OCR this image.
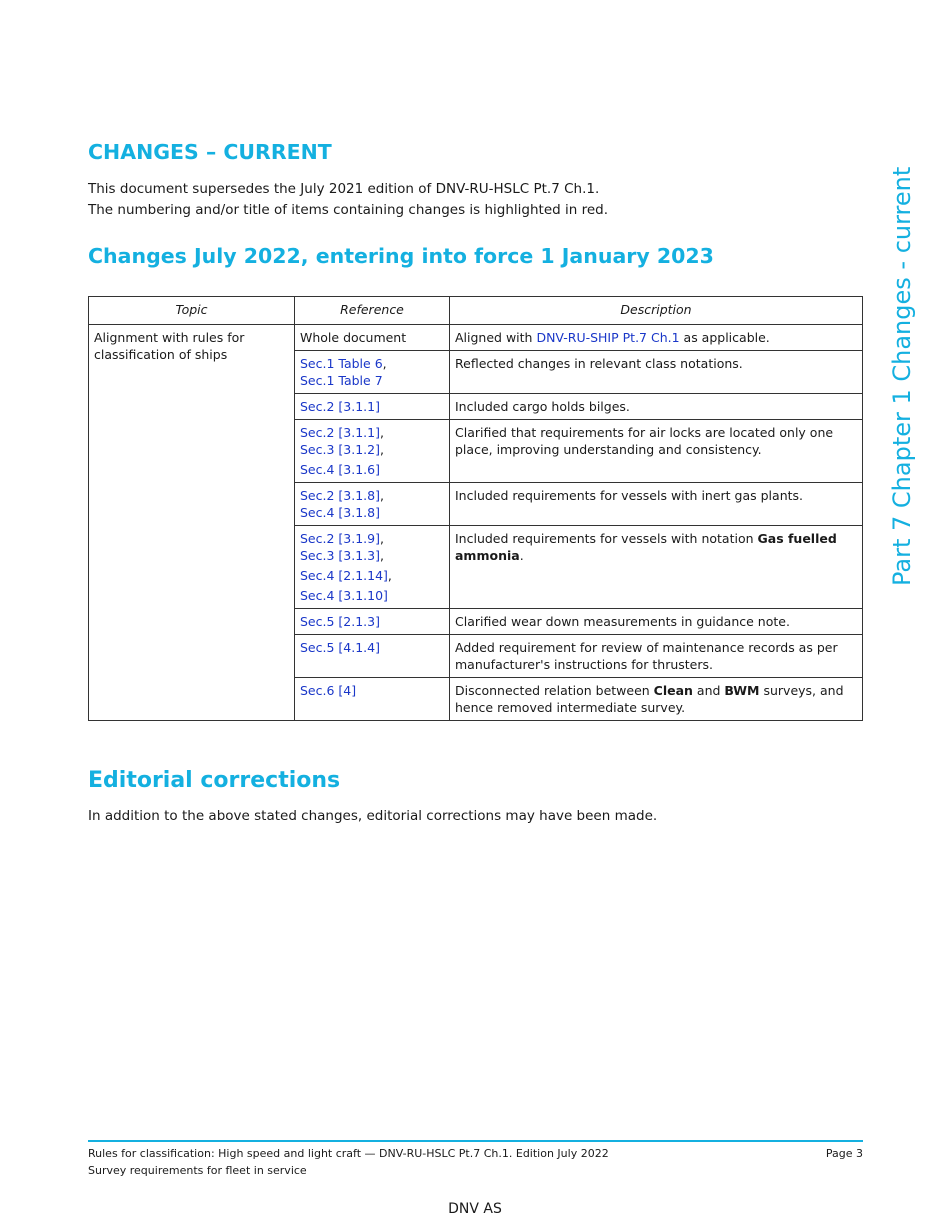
CHANGES – CURRENT

This document supersedes the July 2021 edition of DNV-RU-HSLC Pt.7 Ch.1.

The numbering and/or title of items containing changes is highlighted in red.

Changes July 2022, entering into force 1 January 2023
Topic	Reference	Description
Alignment with rules for classification of ships	Whole document	Aligned with DNV-RU-SHIP Pt.7 Ch.1 as applicable.

	Sec.1 Table 6,
Sec.1 Table 7	Reflected changes in relevant class notations.
	Sec.2 [3.1.1]	Included cargo holds bilges.

	Sec.2 [3.1.1],
Sec.3 [3.1.2],
Sec.4 [3.1.6]	Clarified that requirements for air locks are located only one place, improving understanding and consistency.

	Sec.2 [3.1.8],
Sec.4 [3.1.8]	Included requirements for vessels with inert gas plants.

	Sec.2 [3.1.9],
Sec.3 [3.1.3],
Sec.4 [2.1.14],
Sec.4 [3.1.10]	Included requirements for vessels with notation Gas fuelled ammonia.
	Sec.5 [2.1.3]	Clarified wear down measurements in guidance note.
	Sec.5 [4.1.4]	Added requirement for review of maintenance records as per manufacturer's instructions for thrusters.
	Sec.6 [4]	Disconnected relation between Clean and BWM surveys, and hence removed intermediate survey.
Editorial corrections

In addition to the above stated changes, editorial corrections may have been made.

Part 7 Chapter 1 Changes - current
Rules for classification: High speed and light craft — DNV-RU-HSLC Pt.7 Ch.1. Edition July 2022	Page 3
Survey requirements for fleet in service
DNV AS
